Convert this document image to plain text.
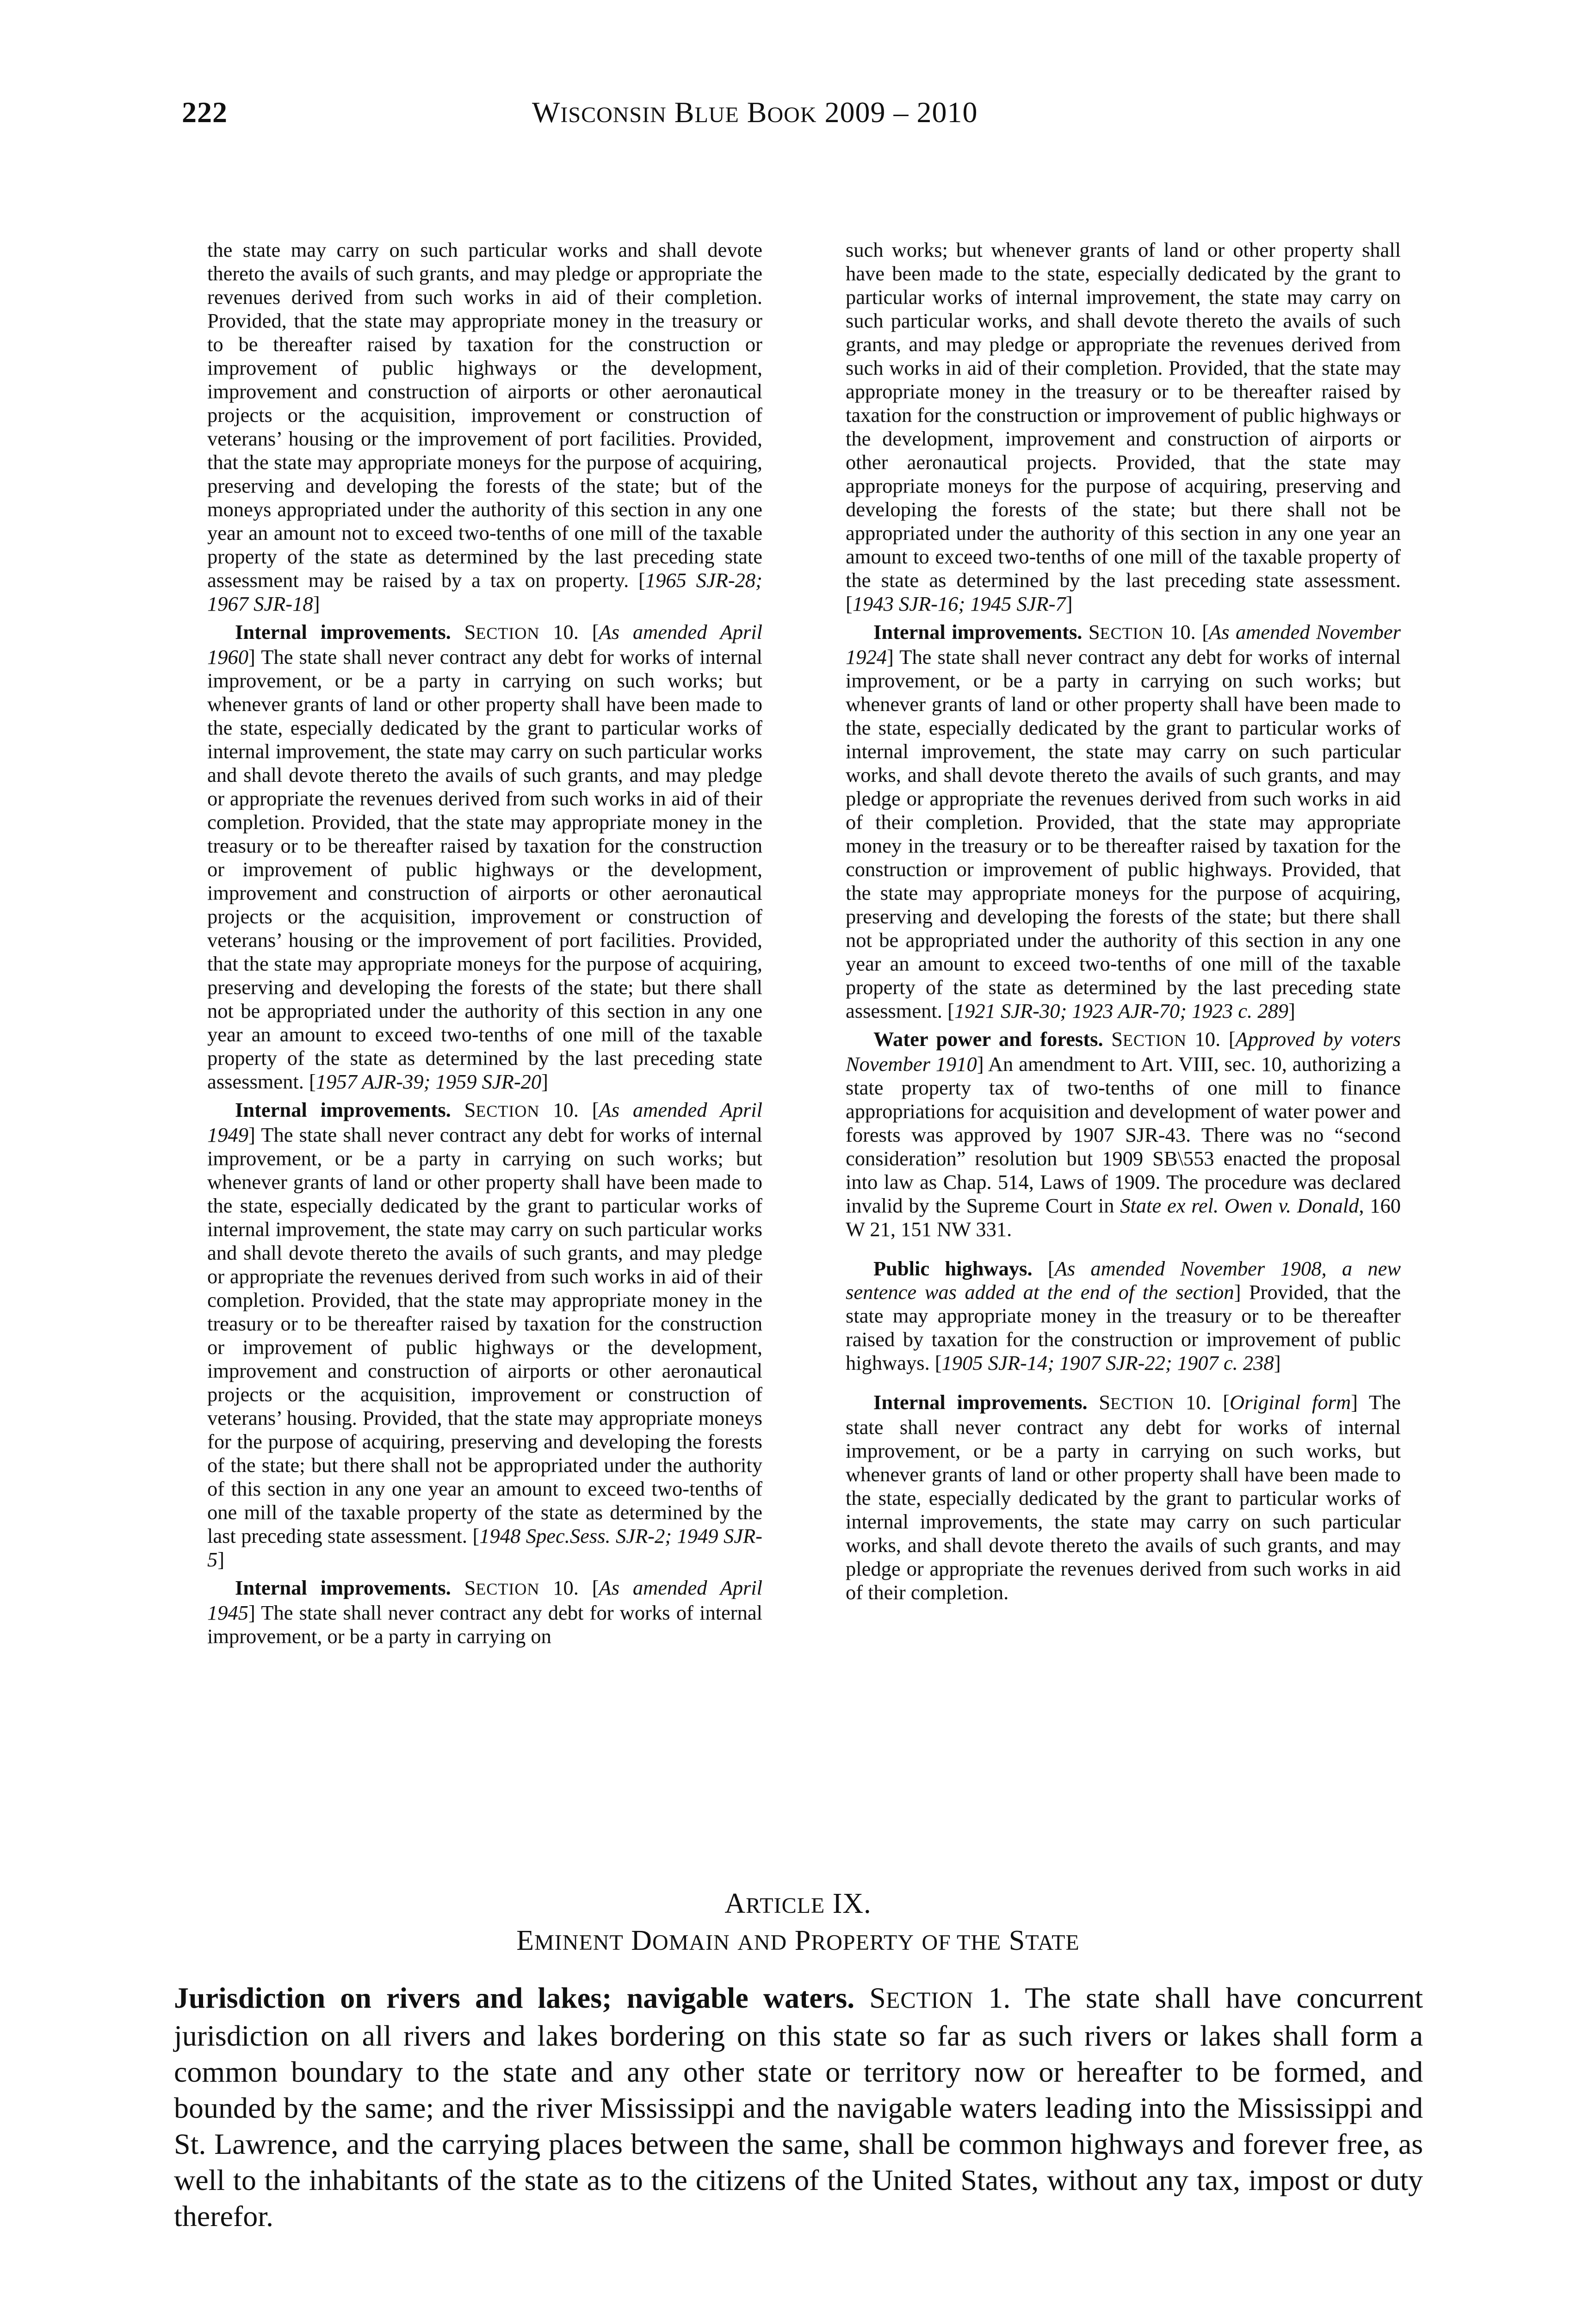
222	WISCONSIN BLUE BOOK 2009 – 2010

the state may carry on such particular works and shall devote thereto the avails of such grants, and may pledge or appropriate the revenues derived from such works in aid of their completion. Provided, that the state may appropriate money in the treasury or to be thereafter raised by taxation for the construction or improvement of public highways or the development, improvement and construction of airports or other aeronautical projects or the acquisition, improvement or construction of veterans’ housing or the improvement of port facilities. Provided, that the state may appropriate moneys for the purpose of acquiring, preserving and developing the forests of the state; but of the moneys appropriated under the authority of this section in any one year an amount not to exceed two-tenths of one mill of the taxable property of the state as determined by the last preceding state assessment may be raised by a tax on property. [1965 SJR-28; 1967 SJR-18]

Internal improvements. SECTION 10. [As amended April 1960] The state shall never contract any debt for works of internal improvement, or be a party in carrying on such works; but whenever grants of land or other property shall have been made to the state, especially dedicated by the grant to particular works of internal improvement, the state may carry on such particular works and shall devote thereto the avails of such grants, and may pledge or appropriate the revenues derived from such works in aid of their completion. Provided, that the state may appropriate money in the treasury or to be thereafter raised by taxation for the construction or improvement of public highways or the development, improvement and construction of airports or other aeronautical projects or the acquisition, improvement or construction of veterans’ housing or the improvement of port facilities. Provided, that the state may appropriate moneys for the purpose of acquiring, preserving and developing the forests of the state; but there shall not be appropriated under the authority of this section in any one year an amount to exceed two-tenths of one mill of the taxable property of the state as determined by the last preceding state assessment. [1957 AJR-39; 1959 SJR-20]

Internal improvements. SECTION 10. [As amended April 1949] The state shall never contract any debt for works of internal improvement, or be a party in carrying on such works; but whenever grants of land or other property shall have been made to the state, especially dedicated by the grant to particular works of internal improvement, the state may carry on such particular works and shall devote thereto the avails of such grants, and may pledge or appropriate the revenues derived from such works in aid of their completion. Provided, that the state may appropriate money in the treasury or to be thereafter raised by taxation for the construction or improvement of public highways or the development, improvement and construction of airports or other aeronautical projects or the acquisition, improvement or construction of veterans’ housing. Provided, that the state may appropriate moneys for the purpose of acquiring, preserving and developing the forests of the state; but there shall not be appropriated under the authority of this section in any one year an amount to exceed two-tenths of one mill of the taxable property of the state as determined by the last preceding state assessment. [1948 Spec.Sess. SJR-2; 1949 SJR-5]

Internal improvements. SECTION 10. [As amended April 1945] The state shall never contract any debt for works of internal improvement, or be a party in carrying on

such works; but whenever grants of land or other property shall have been made to the state, especially dedicated by the grant to particular works of internal improvement, the state may carry on such particular works, and shall devote thereto the avails of such grants, and may pledge or appropriate the revenues derived from such works in aid of their completion. Provided, that the state may appropriate money in the treasury or to be thereafter raised by taxation for the construction or improvement of public highways or the development, improvement and construction of airports or other aeronautical projects. Provided, that the state may appropriate moneys for the purpose of acquiring, preserving and developing the forests of the state; but there shall not be appropriated under the authority of this section in any one year an amount to exceed two-tenths of one mill of the taxable property of the state as determined by the last preceding state assessment. [1943 SJR-16; 1945 SJR-7]

Internal improvements. SECTION 10. [As amended November 1924] The state shall never contract any debt for works of internal improvement, or be a party in carrying on such works; but whenever grants of land or other property shall have been made to the state, especially dedicated by the grant to particular works of internal improvement, the state may carry on such particular works, and shall devote thereto the avails of such grants, and may pledge or appropriate the revenues derived from such works in aid of their completion. Provided, that the state may appropriate money in the treasury or to be thereafter raised by taxation for the construction or improvement of public highways. Provided, that the state may appropriate moneys for the purpose of acquiring, preserving and developing the forests of the state; but there shall not be appropriated under the authority of this section in any one year an amount to exceed two-tenths of one mill of the taxable property of the state as determined by the last preceding state assessment. [1921 SJR-30; 1923 AJR-70; 1923 c. 289]

Water power and forests. SECTION 10. [Approved by voters November 1910] An amendment to Art. VIII, sec. 10, authorizing a state property tax of two-tenths of one mill to finance appropriations for acquisition and development of water power and forests was approved by 1907 SJR-43. There was no “second consideration” resolution but 1909 SB\553 enacted the proposal into law as Chap. 514, Laws of 1909. The procedure was declared invalid by the Supreme Court in State ex rel. Owen v. Donald, 160 W 21, 151 NW 331.

Public highways. [As amended November 1908, a new sentence was added at the end of the section] Provided, that the state may appropriate money in the treasury or to be thereafter raised by taxation for the construction or improvement of public highways. [1905 SJR-14; 1907 SJR-22; 1907 c. 238]

Internal improvements. SECTION 10. [Original form] The state shall never contract any debt for works of internal improvement, or be a party in carrying on such works, but whenever grants of land or other property shall have been made to the state, especially dedicated by the grant to particular works of internal improvements, the state may carry on such particular works, and shall devote thereto the avails of such grants, and may pledge or appropriate the revenues derived from such works in aid of their completion.

ARTICLE IX.
EMINENT DOMAIN AND PROPERTY OF THE STATE
Jurisdiction on rivers and lakes; navigable waters. SECTION 1. The state shall have concurrent jurisdiction on all rivers and lakes bordering on this state so far as such rivers or lakes shall form a common boundary to the state and any other state or territory now or hereafter to be formed, and bounded by the same; and the river Mississippi and the navigable waters leading into the Mississippi and St. Lawrence, and the carrying places between the same, shall be common highways and forever free, as well to the inhabitants of the state as to the citizens of the United States, without any tax, impost or duty therefor.
